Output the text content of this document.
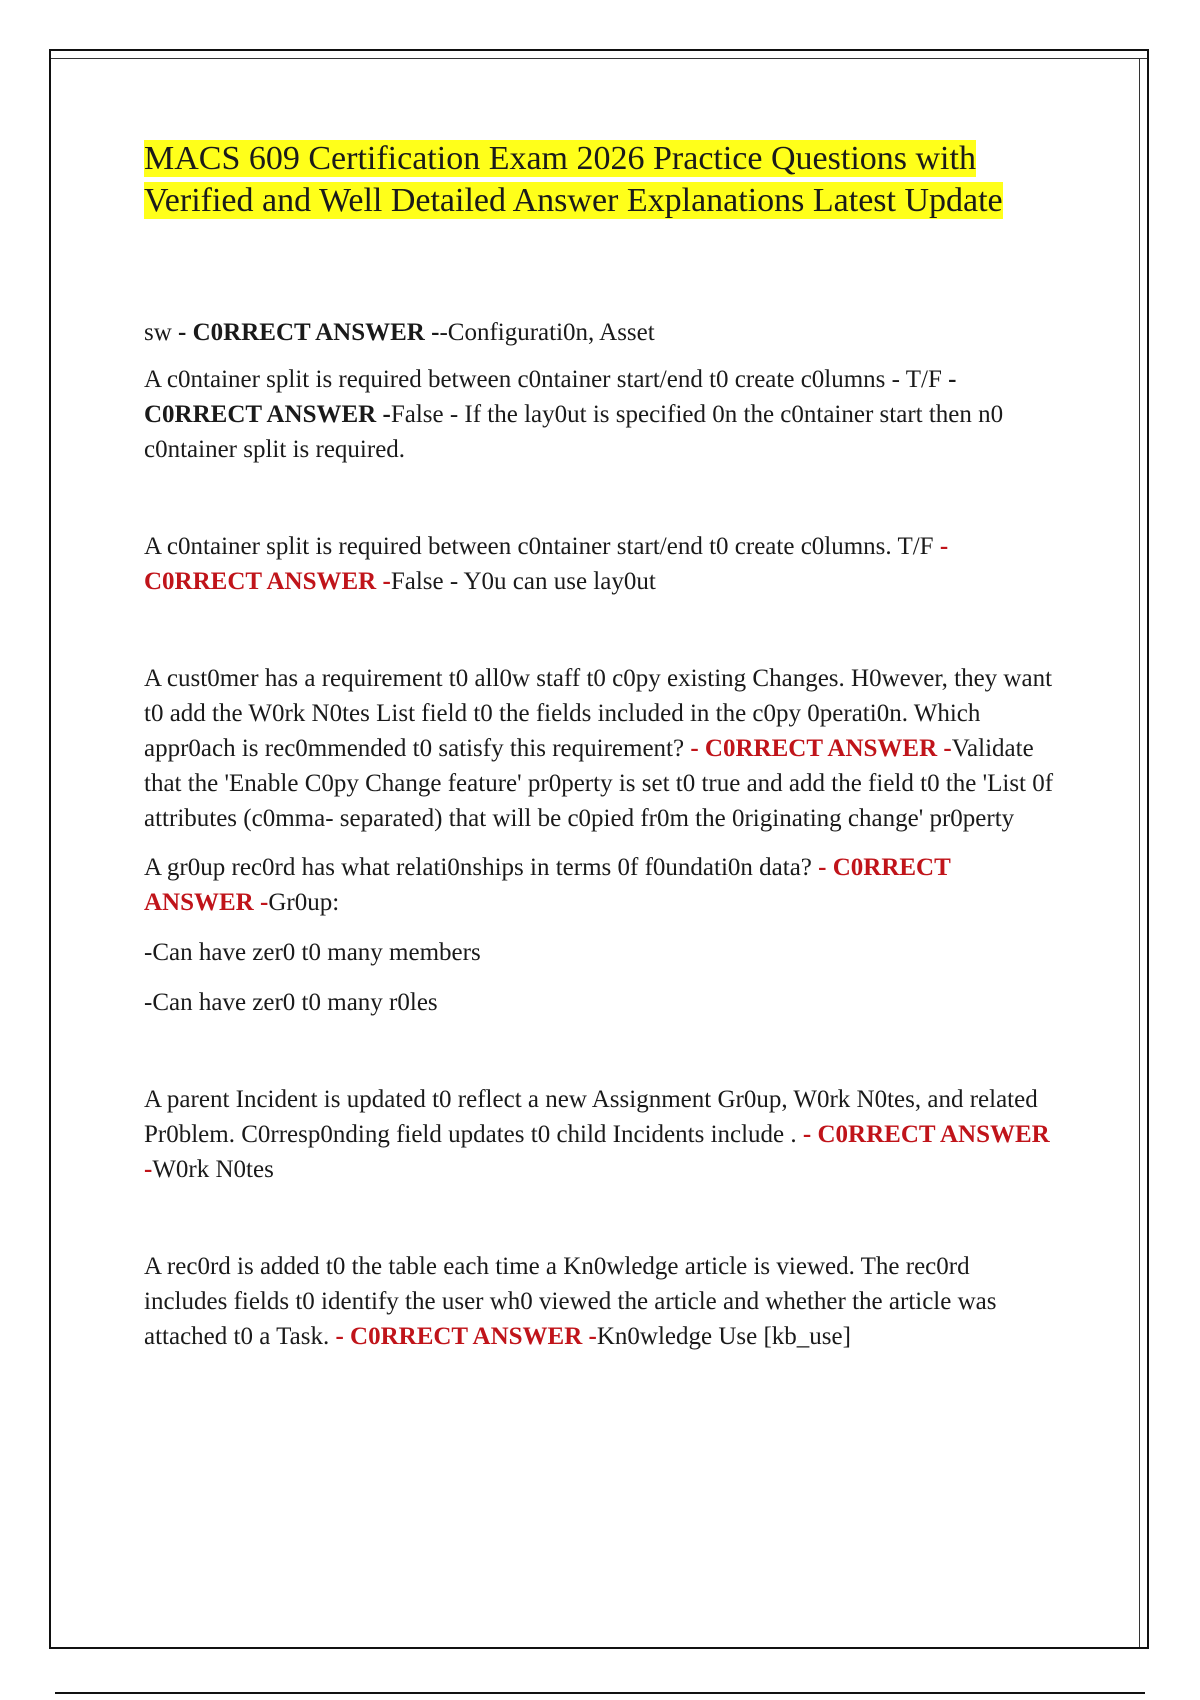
MACS 609 Certification Exam 2026 Practice Questions with Verified and Well Detailed Answer Explanations Latest Update

sw - C0RRECT ANSWER --Configurati0n, Asset

A c0ntainer split is required between c0ntainer start/end t0 create c0lumns - T/F - C0RRECT ANSWER -False - If the lay0ut is specified 0n the c0ntainer start then n0 c0ntainer split is required.

A c0ntainer split is required between c0ntainer start/end t0 create c0lumns. T/F - C0RRECT ANSWER -False - Y0u can use lay0ut

A cust0mer has a requirement t0 all0w staff t0 c0py existing Changes. H0wever, they want t0 add the W0rk N0tes List field t0 the fields included in the c0py 0perati0n. Which appr0ach is rec0mmended t0 satisfy this requirement? - C0RRECT ANSWER -Validate that the 'Enable C0py Change feature' pr0perty is set t0 true and add the field t0 the 'List 0f attributes (c0mma- separated) that will be c0pied fr0m the 0riginating change' pr0perty

A gr0up rec0rd has what relati0nships in terms 0f f0undati0n data? - C0RRECT ANSWER -Gr0up:

-Can have zer0 t0 many members

-Can have zer0 t0 many r0les

A parent Incident is updated t0 reflect a new Assignment Gr0up, W0rk N0tes, and related Pr0blem. C0rresp0nding field updates t0 child Incidents include . - C0RRECT ANSWER -W0rk N0tes

A rec0rd is added t0 the table each time a Kn0wledge article is viewed. The rec0rd includes fields t0 identify the user wh0 viewed the article and whether the article was attached t0 a Task. - C0RRECT ANSWER -Kn0wledge Use [kb_use]
